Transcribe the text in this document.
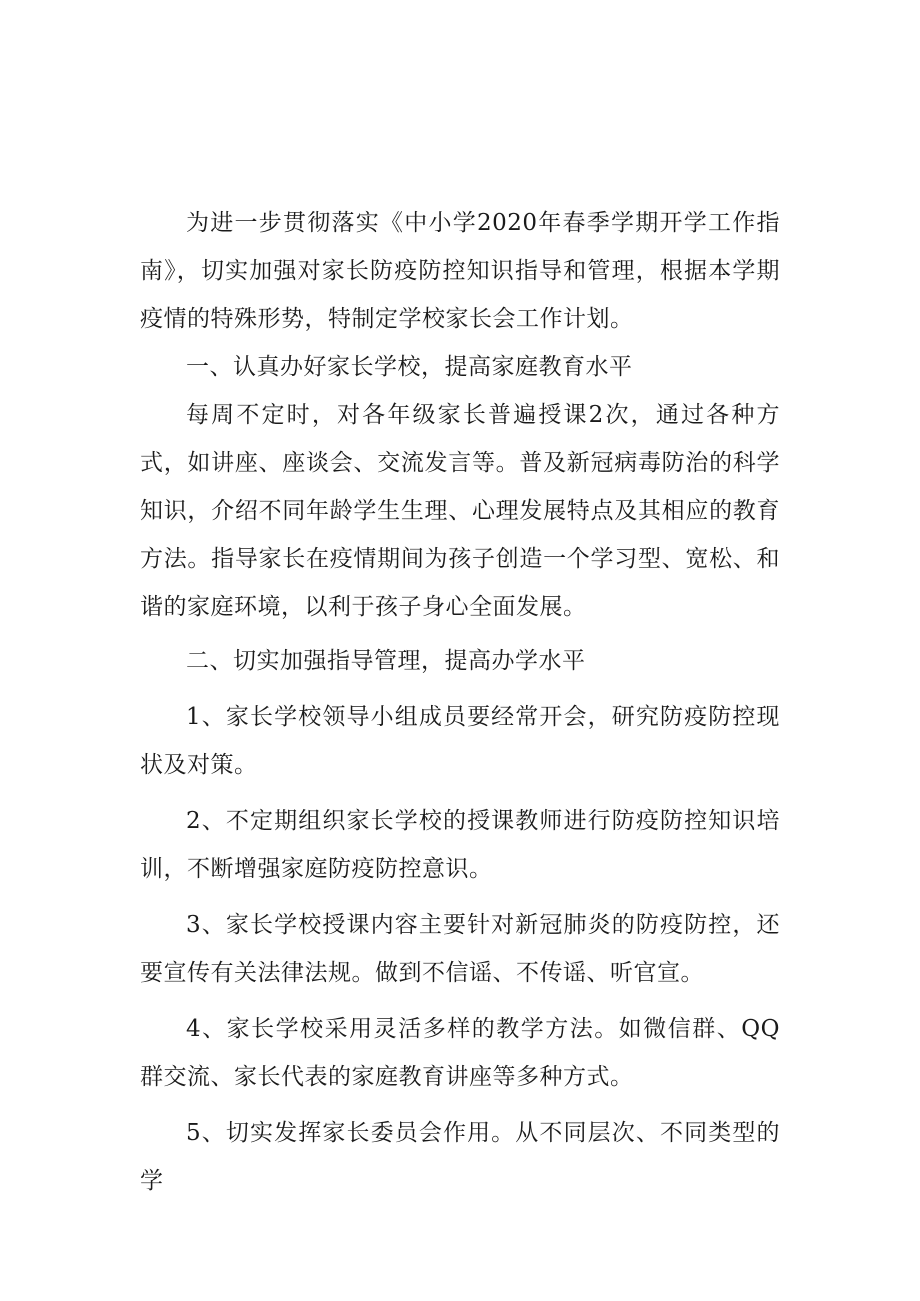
为进一步贯彻落实《中小学2020年春季学期开学工作指南》，切实加强对家长防疫防控知识指导和管理，根据本学期疫情的特殊形势，特制定学校家长会工作计划。

一、认真办好家长学校，提高家庭教育水平

每周不定时，对各年级家长普遍授课2次，通过各种方式，如讲座、座谈会、交流发言等。普及新冠病毒防治的科学知识，介绍不同年龄学生生理、心理发展特点及其相应的教育方法。指导家长在疫情期间为孩子创造一个学习型、宽松、和谐的家庭环境，以利于孩子身心全面发展。

二、切实加强指导管理，提高办学水平

1、家长学校领导小组成员要经常开会，研究防疫防控现状及对策。

2、不定期组织家长学校的授课教师进行防疫防控知识培训，不断增强家庭防疫防控意识。

3、家长学校授课内容主要针对新冠肺炎的防疫防控，还要宣传有关法律法规。做到不信谣、不传谣、听官宣。

4、家长学校采用灵活多样的教学方法。如微信群、QQ群交流、家长代表的家庭教育讲座等多种方式。

5、切实发挥家长委员会作用。从不同层次、不同类型的学
